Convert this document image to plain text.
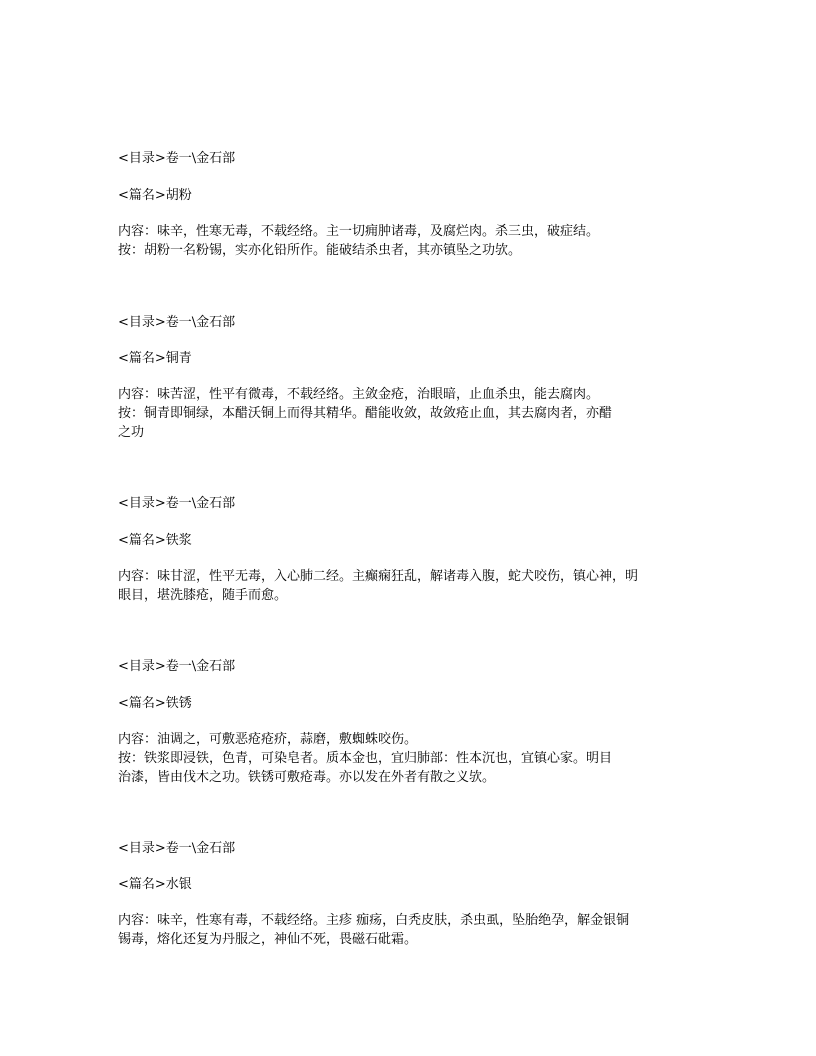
<目录>卷一\金石部
<篇名>胡粉
内容：味辛，性寒无毒，不载经络。主一切痈肿诸毒，及腐烂肉。杀三虫，破症结。
按：胡粉一名粉锡，实亦化铅所作。能破结杀虫者，其亦镇坠之功欤。
<目录>卷一\金石部
<篇名>铜青
内容：味苦涩，性平有微毒，不载经络。主敛金疮，治眼暗，止血杀虫，能去腐肉。
按：铜青即铜绿，本醋沃铜上而得其精华。醋能收敛，故敛疮止血，其去腐肉者，亦醋
之功
<目录>卷一\金石部
<篇名>铁浆
内容：味甘涩，性平无毒，入心肺二经。主癫痫狂乱，解诸毒入腹，蛇犬咬伤，镇心神，明
眼目，堪洗膝疮，随手而愈。
<目录>卷一\金石部
<篇名>铁锈
内容：油调之，可敷恶疮疮疥，蒜磨，敷蜘蛛咬伤。
按：铁浆即浸铁，色青，可染皂者。质本金也，宜归肺部：性本沉也，宜镇心家。明目
治漆，皆由伐木之功。铁锈可敷疮毒。亦以发在外者有散之义欤。
<目录>卷一\金石部
<篇名>水银
内容：味辛，性寒有毒，不载经络。主疹 痂疡，白秃皮肤，杀虫虱，坠胎绝孕，解金银铜
锡毒，熔化还复为丹服之，神仙不死，畏磁石砒霜。
